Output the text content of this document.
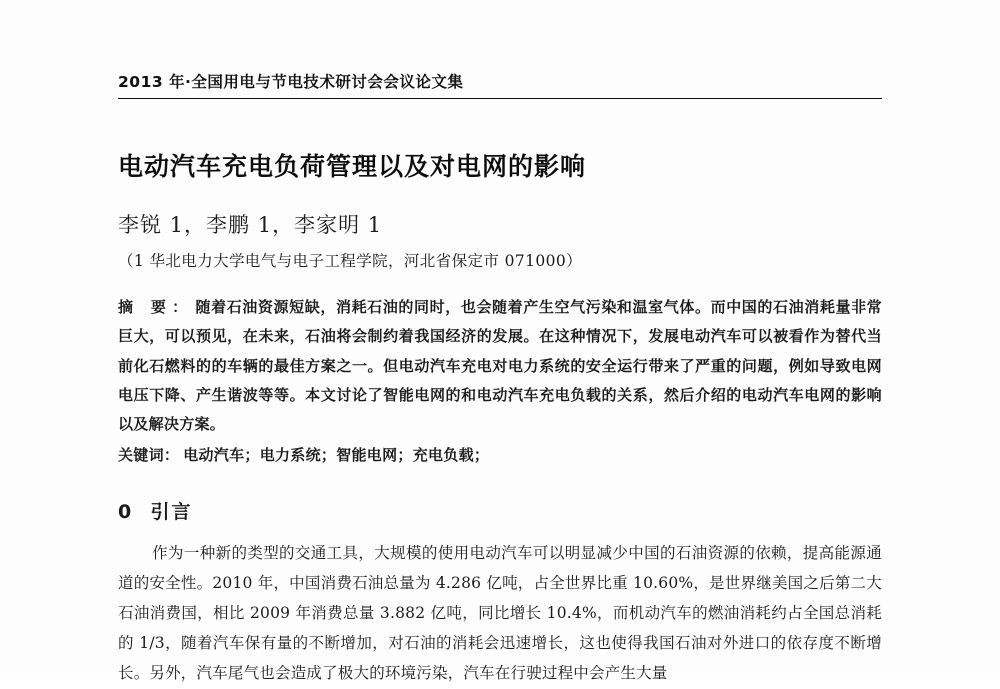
2013 年·全国用电与节电技术研讨会会议论文集
电动汽车充电负荷管理以及对电网的影响
李锐 1，李鹏 1，李家明 1
（1 华北电力大学电气与电子工程学院，河北省保定市 071000）
摘 要： 随着石油资源短缺，消耗石油的同时，也会随着产生空气污染和温室气体。而中国的石油消耗量非常巨大，可以预见，在未来，石油将会制约着我国经济的发展。在这种情况下，发展电动汽车可以被看作为替代当前化石燃料的的车辆的最佳方案之一。但电动汽车充电对电力系统的安全运行带来了严重的问题，例如导致电网电压下降、产生谐波等等。本文讨论了智能电网的和电动汽车充电负载的关系，然后介绍的电动汽车电网的影响以及解决方案。
关键词： 电动汽车；电力系统；智能电网；充电负载；
0 引言

作为一种新的类型的交通工具，大规模的使用电动汽车可以明显减少中国的石油资源的依赖，提高能源通道的安全性。2010 年，中国消费石油总量为 4.286 亿吨，占全世界比重 10.60%，是世界继美国之后第二大石油消费国，相比 2009 年消费总量 3.882 亿吨，同比增长 10.4%，而机动汽车的燃油消耗约占全国总消耗的 1/3，随着汽车保有量的不断增加，对石油的消耗会迅速增长，这也使得我国石油对外进口的依存度不断增长。另外，汽车尾气也会造成了极大的环境污染，汽车在行驶过程中会产生大量
